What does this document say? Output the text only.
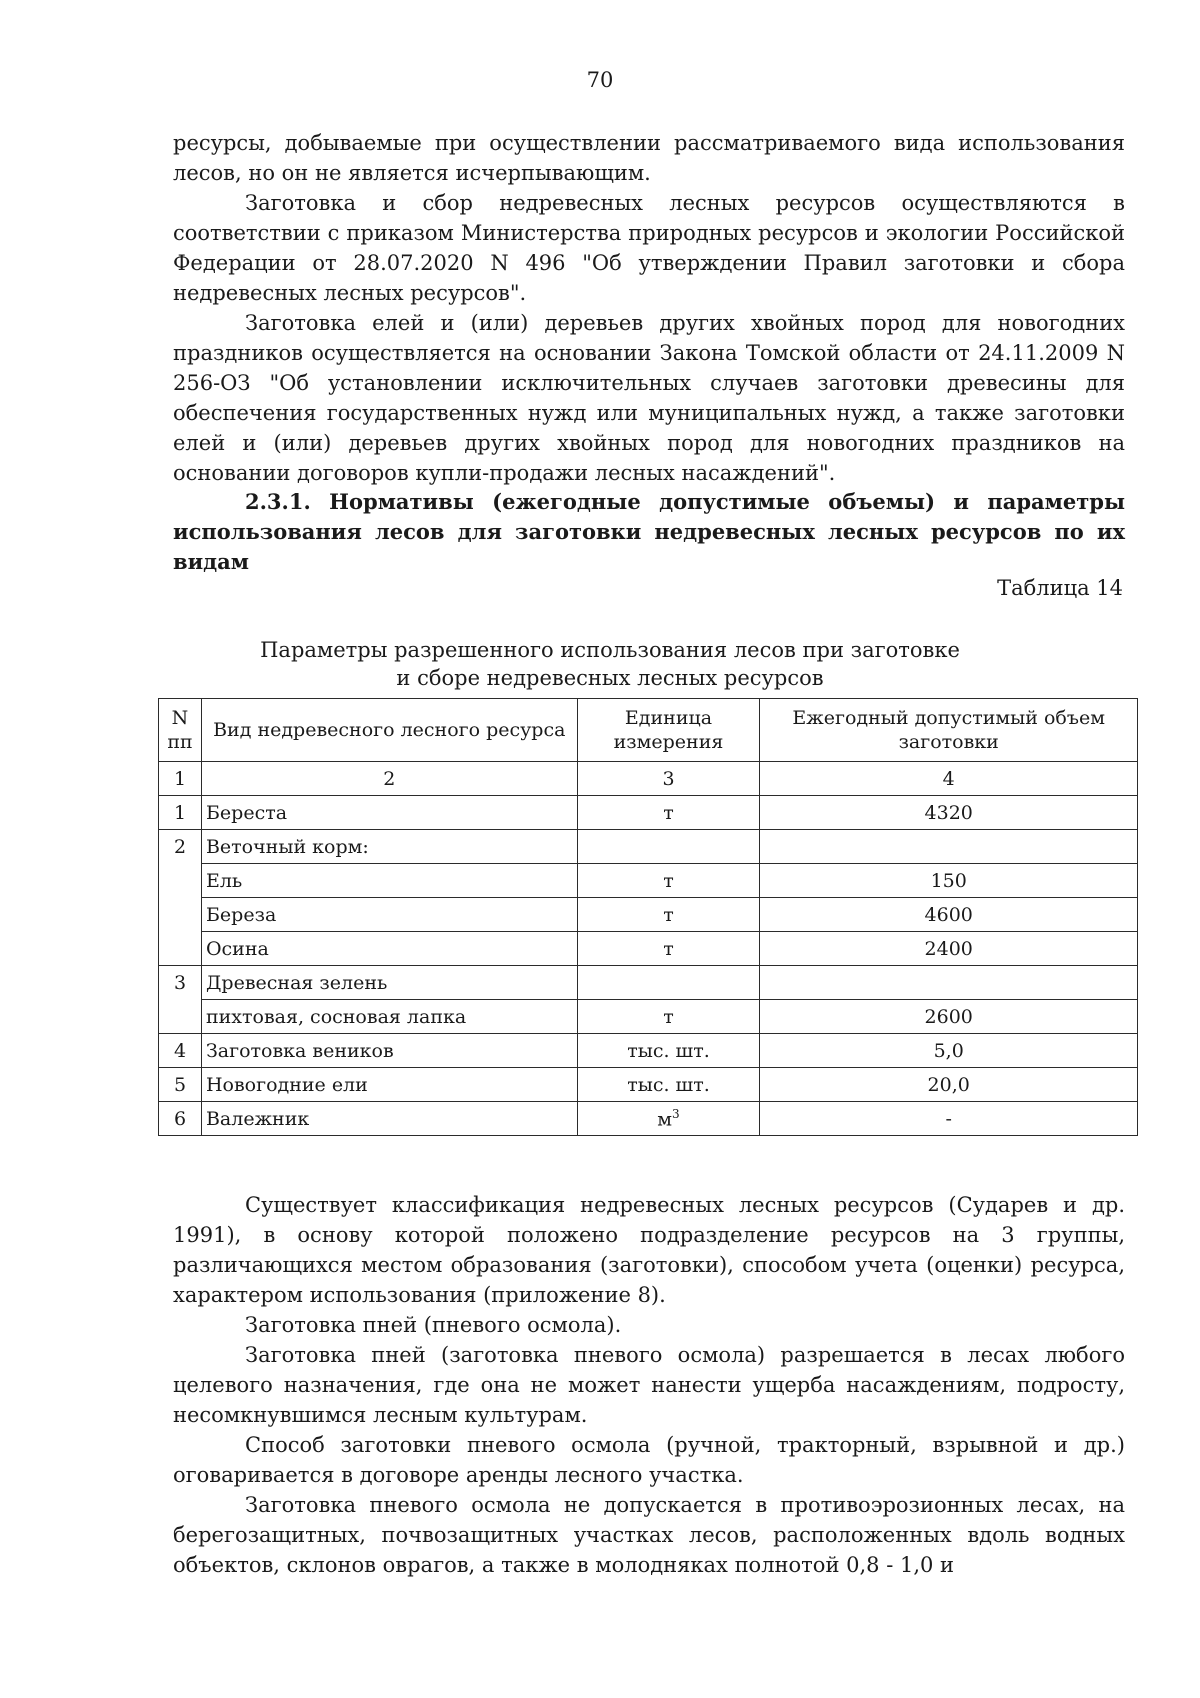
70

ресурсы, добываемые при осуществлении рассматриваемого вида использования лесов, но он не является исчерпывающим.

Заготовка и сбор недревесных лесных ресурсов осуществляются в соответствии с приказом Министерства природных ресурсов и экологии Российской Федерации от 28.07.2020 N 496 "Об утверждении Правил заготовки и сбора недревесных лесных ресурсов".

Заготовка елей и (или) деревьев других хвойных пород для новогодних праздников осуществляется на основании Закона Томской области от 24.11.2009 N 256-ОЗ "Об установлении исключительных случаев заготовки древесины для обеспечения государственных нужд или муниципальных нужд, а также заготовки елей и (или) деревьев других хвойных пород для новогодних праздников на основании договоров купли-продажи лесных насаждений".

2.3.1. Нормативы (ежегодные допустимые объемы) и параметры использования лесов для заготовки недревесных лесных ресурсов по их видам
Таблица 14
Параметры разрешенного использования лесов при заготовке и сборе недревесных лесных ресурсов
N пп	Вид недревесного лесного ресурса	Единица измерения	Ежегодный допустимый объем заготовки
1	2	3	4
1	Береста	т	4320
2	Веточный корм:		
	Ель	т	150
	Береза	т	4600
	Осина	т	2400
3	Древесная зелень		
	пихтовая, сосновая лапка	т	2600
4	Заготовка веников	тыс. шт.	5,0
5	Новогодние ели	тыс. шт.	20,0
6	Валежник	$м^3$	-

Существует классификация недревесных лесных ресурсов (Сударев и др. 1991), в основу которой положено подразделение ресурсов на 3 группы, различающихся местом образования (заготовки), способом учета (оценки) ресурса, характером использования (приложение 8).

Заготовка пней (пневого осмола).

Заготовка пней (заготовка пневого осмола) разрешается в лесах любого целевого назначения, где она не может нанести ущерба насаждениям, подросту, несомкнувшимся лесным культурам.

Способ заготовки пневого осмола (ручной, тракторный, взрывной и др.) оговаривается в договоре аренды лесного участка.

Заготовка пневого осмола не допускается в противоэрозионных лесах, на берегозащитных, почвозащитных участках лесов, расположенных вдоль водных объектов, склонов оврагов, а также в молодняках полнотой 0,8 - 1,0 и
